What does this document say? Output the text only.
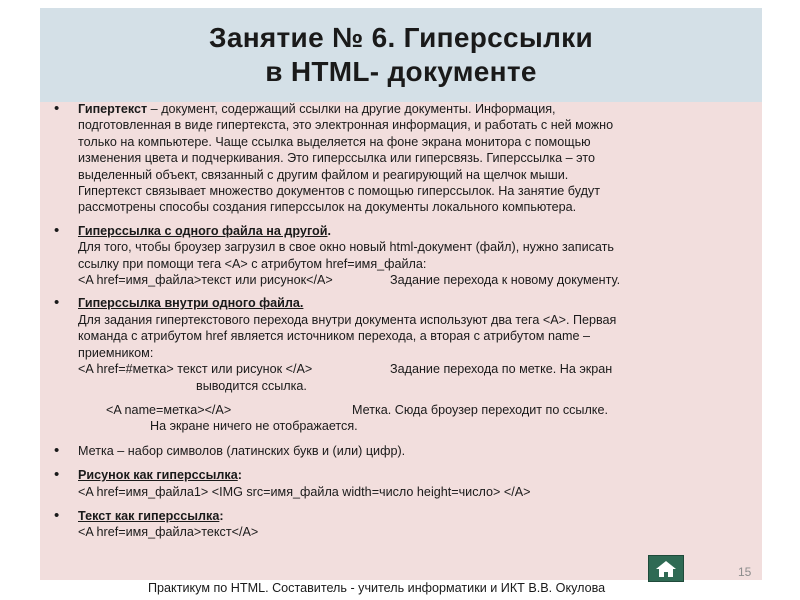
Занятие № 6. Гиперссылки
в HTML- документе
• Гипертекст – документ, содержащий ссылки на другие документы. Информация,
подготовленная в виде гипертекста, это электронная информация, и работать с ней можно
только на компьютере. Чаще ссылка выделяется на фоне экрана монитора с помощью
изменения цвета и подчеркивания. Это гиперссылка или гиперсвязь. Гиперссылка – это
выделенный объект, связанный с другим файлом и реагирующий на щелчок мыши.
Гипертекст связывает множество документов с помощью гиперссылок. На занятие будут
рассмотрены способы создания гиперссылок на документы локального компьютера.
• Гиперссылка с одного файла на другой.
Для того, чтобы броузер загрузил в свое окно новый html-документ (файл), нужно записать
ссылку при помощи тега <A> с атрибутом href=имя_файла:
<A href=имя_файла>текст или рисунок</A>	Задание перехода к новому документу.
• Гиперссылка внутри одного файла.
Для задания гипертекстового перехода внутри документа используют два тега <A>. Первая
команда с атрибутом href является источником перехода, а вторая с атрибутом name –
приемником:
<A href=#метка> текст или рисунок </A>	Задание перехода по метке. На экран
выводится ссылка.
<A name=метка></A>	Метка. Сюда броузер переходит по ссылке.
На экране ничего не отображается.
• Метка – набор символов (латинских букв и (или) цифр).
• Рисунок как гиперссылка:
<A href=имя_файла1> <IMG src=имя_файла width=число height=число> </A>
• Текст как гиперссылка:
<A href=имя_файла>текст</A>
15
Практикум по HTML. Составитель - учитель информатики и ИКТ В.В. Окулова
